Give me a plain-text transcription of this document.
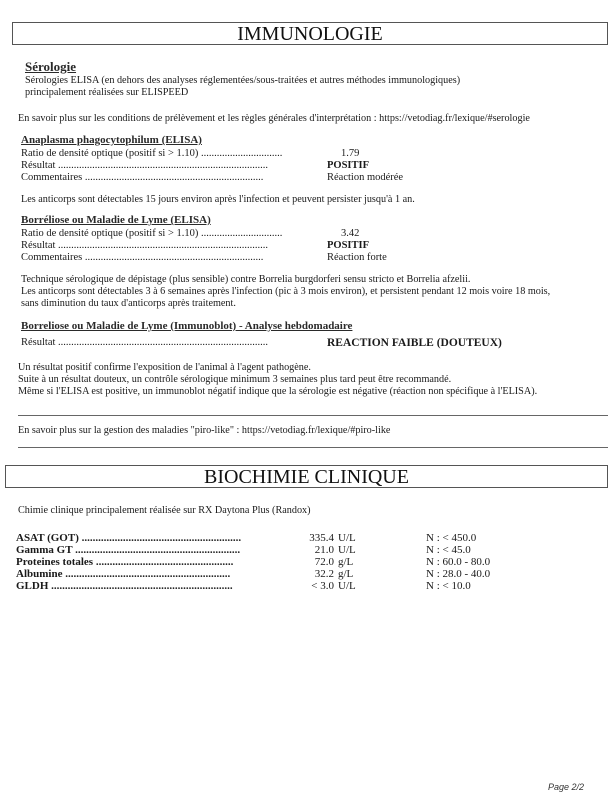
IMMUNOLOGIE
Sérologie
Sérologies ELISA (en dehors des analyses réglementées/sous-traitées et autres méthodes immunologiques)
principalement réalisées sur ELISPEED
En savoir plus sur les conditions de prélèvement et les règles générales d'interprétation : https://vetodiag.fr/lexique/#serologie
Anaplasma phagocytophilum (ELISA)
Ratio de densité optique (positif si > 1.10) ...............................	1.79
Résultat ................................................................................	POSITIF
Commentaires ....................................................................	Réaction modérée
Les anticorps sont détectables 15 jours environ après l'infection et peuvent persister jusqu'à 1 an.
Borréliose ou Maladie de Lyme (ELISA)
Ratio de densité optique (positif si > 1.10) ...............................	3.42
Résultat ................................................................................	POSITIF
Commentaires ....................................................................	Réaction forte
Technique sérologique de dépistage (plus sensible) contre Borrelia burgdorferi sensu stricto et Borrelia afzelii.
Les anticorps sont détectables 3 à 6 semaines après l'infection (pic à 3 mois environ), et persistent pendant 12 mois voire 18 mois,
sans diminution du taux d'anticorps après traitement.
Borreliose ou Maladie de Lyme (Immunoblot) - Analyse hebdomadaire
Résultat ................................................................................	REACTION FAIBLE (DOUTEUX)
Un résultat positif confirme l'exposition de l'animal à l'agent pathogène.
Suite à un résultat douteux, un contrôle sérologique minimum 3 semaines plus tard peut être recommandé.
Même si l'ELISA est positive, un immunoblot négatif indique que la sérologie est négative (réaction non spécifique à l'ELISA).
En savoir plus sur la gestion des maladies "piro-like" : https://vetodiag.fr/lexique/#piro-like
BIOCHIMIE CLINIQUE
Chimie clinique principalement réalisée sur RX Daytona Plus (Randox)
ASAT (GOT) ..........................................................	335.4 U/L	N : < 450.0
Gamma GT ............................................................	21.0 U/L	N : < 45.0
Proteines totales ..................................................	72.0 g/L	N : 60.0 - 80.0
Albumine ............................................................	32.2 g/L	N : 28.0 - 40.0
GLDH ..................................................................	< 3.0 U/L	N : < 10.0
Page 2/2
